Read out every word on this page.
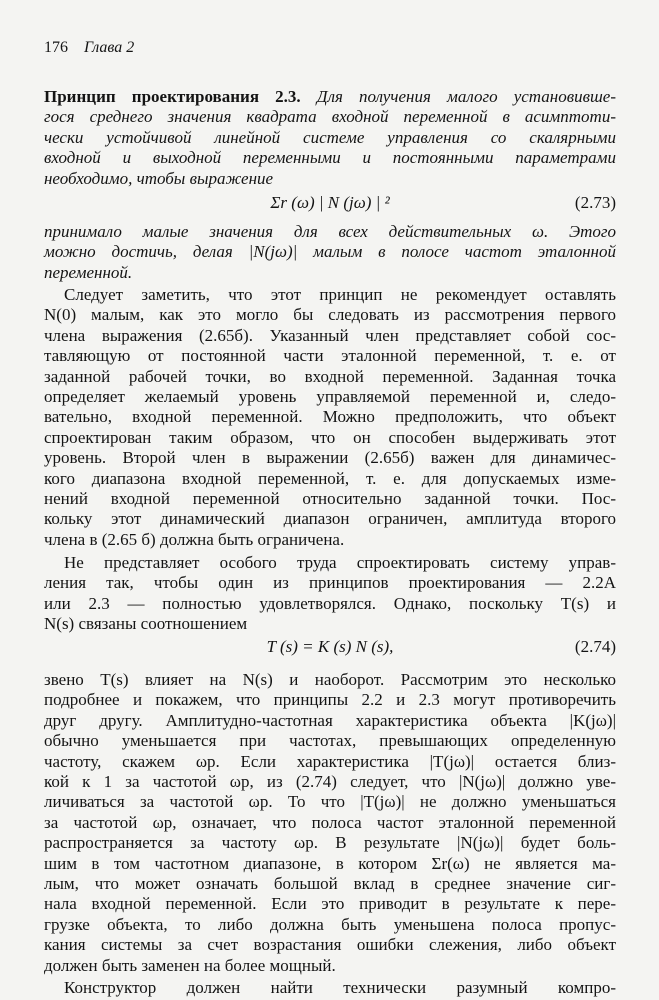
176 Глава 2
Принцип проектирования 2.3. Для получения малого установивше-
гося среднего значения квадрата входной переменной в асимптоти-
чески устойчивой линейной системе управления со скалярными
входной и выходной переменными и постоянными параметрами
необходимо, чтобы выражение
Σr (ω) | N (jω) | ²	(2.73)
принимало малые значения для всех действительных ω. Этого
можно достичь, делая |N(jω)| малым в полосе частот эталонной
переменной.
Следует заметить, что этот принцип не рекомендует оставлять
N(0) малым, как это могло бы следовать из рассмотрения первого
члена выражения (2.65б). Указанный член представляет собой сос-
тавляющую от постоянной части эталонной переменной, т. е. от
заданной рабочей точки, во входной переменной. Заданная точка
определяет желаемый уровень управляемой переменной и, следо-
вательно, входной переменной. Можно предположить, что объект
спроектирован таким образом, что он способен выдерживать этот
уровень. Второй член в выражении (2.65б) важен для динамичес-
кого диапазона входной переменной, т. е. для допускаемых изме-
нений входной переменной относительно заданной точки. Пос-
кольку этот динамический диапазон ограничен, амплитуда второго
члена в (2.65 б) должна быть ограничена.
Не представляет особого труда спроектировать систему управ-
ления так, чтобы один из принципов проектирования — 2.2А
или 2.3 — полностью удовлетворялся. Однако, поскольку T(s) и
N(s) связаны соотношением
T (s) = K (s) N (s),	(2.74)
звено T(s) влияет на N(s) и наоборот. Рассмотрим это несколько
подробнее и покажем, что принципы 2.2 и 2.3 могут противоречить
друг другу. Амплитудно-частотная характеристика объекта |K(jω)|
обычно уменьшается при частотах, превышающих определенную
частоту, скажем ωp. Если характеристика |T(jω)| остается близ-
кой к 1 за частотой ωp, из (2.74) следует, что |N(jω)| должно уве-
личиваться за частотой ωp. То что |T(jω)| не должно уменьшаться
за частотой ωp, означает, что полоса частот эталонной переменной
распространяется за частоту ωp. В результате |N(jω)| будет боль-
шим в том частотном диапазоне, в котором Σr(ω) не является ма-
лым, что может означать большой вклад в среднее значение сиг-
нала входной переменной. Если это приводит в результате к пере-
грузке объекта, то либо должна быть уменьшена полоса пропус-
кания системы за счет возрастания ошибки слежения, либо объект
должен быть заменен на более мощный.
Конструктор должен найти технически разумный компро-
